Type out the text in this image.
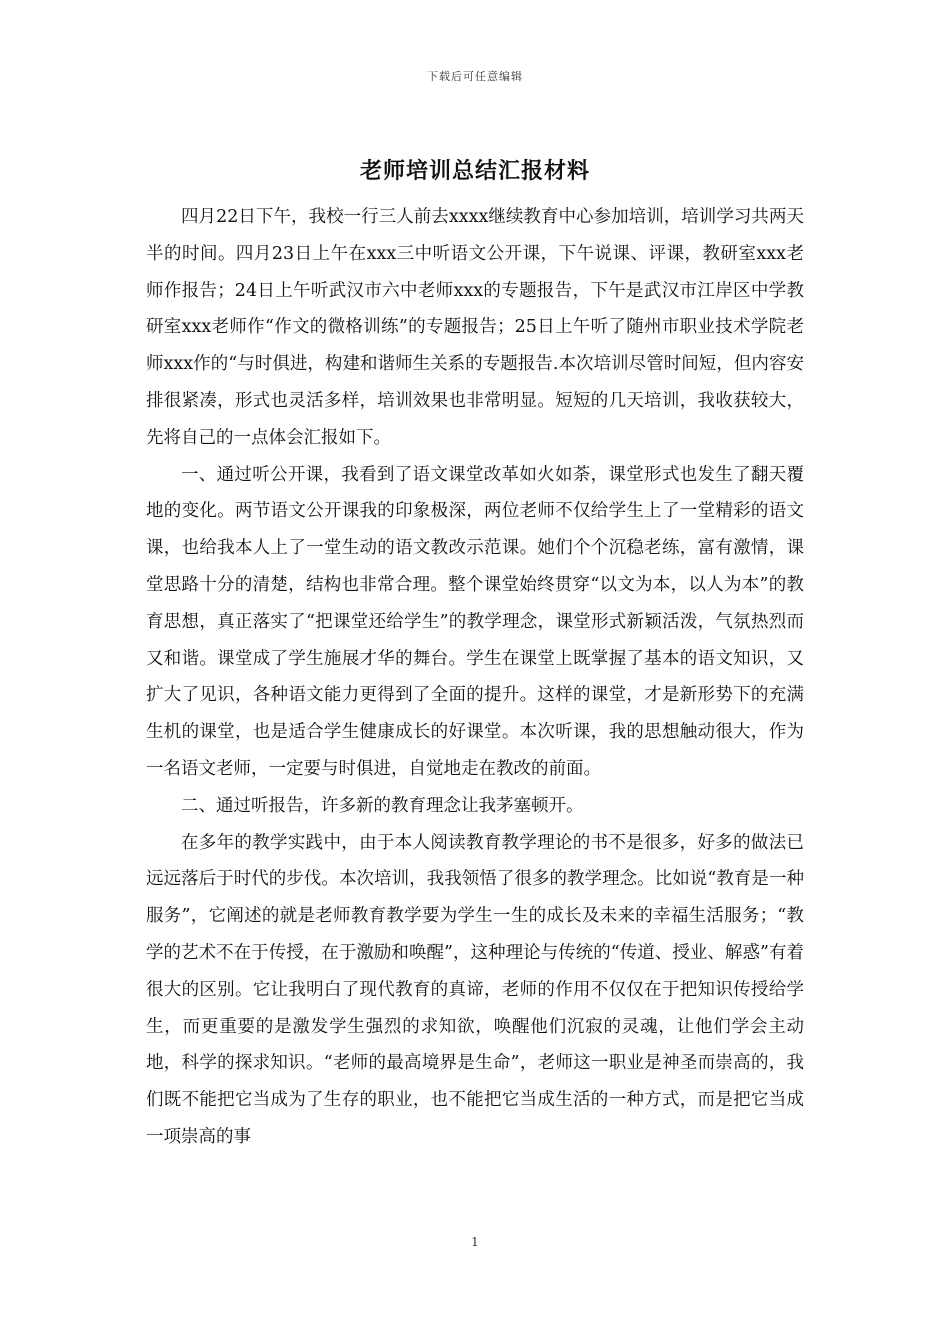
下载后可任意编辑
老师培训总结汇报材料

四月22日下午，我校一行三人前去xxxx继续教育中心参加培训，培训学习共两天半的时间。四月23日上午在xxx三中听语文公开课，下午说课、评课，教研室xxx老师作报告；24日上午听武汉市六中老师xxx的专题报告，下午是武汉市江岸区中学教研室xxx老师作“作文的微格训练”的专题报告；25日上午听了随州市职业技术学院老师xxx作的“与时俱进，构建和谐师生关系的专题报告.本次培训尽管时间短，但内容安排很紧凑，形式也灵活多样，培训效果也非常明显。短短的几天培训，我收获较大，先将自己的一点体会汇报如下。

一、通过听公开课，我看到了语文课堂改革如火如荼，课堂形式也发生了翻天覆地的变化。两节语文公开课我的印象极深，两位老师不仅给学生上了一堂精彩的语文课，也给我本人上了一堂生动的语文教改示范课。她们个个沉稳老练，富有激情，课堂思路十分的清楚，结构也非常合理。整个课堂始终贯穿“以文为本，以人为本”的教育思想，真正落实了“把课堂还给学生”的教学理念，课堂形式新颖活泼，气氛热烈而又和谐。课堂成了学生施展才华的舞台。学生在课堂上既掌握了基本的语文知识，又扩大了见识，各种语文能力更得到了全面的提升。这样的课堂，才是新形势下的充满生机的课堂，也是适合学生健康成长的好课堂。本次听课，我的思想触动很大，作为一名语文老师，一定要与时俱进，自觉地走在教改的前面。

二、通过听报告，许多新的教育理念让我茅塞顿开。

在多年的教学实践中，由于本人阅读教育教学理论的书不是很多，好多的做法已远远落后于时代的步伐。本次培训，我我领悟了很多的教学理念。比如说“教育是一种服务”，它阐述的就是老师教育教学要为学生一生的成长及未来的幸福生活服务；“教学的艺术不在于传授，在于激励和唤醒”，这种理论与传统的“传道、授业、解惑”有着很大的区别。它让我明白了现代教育的真谛，老师的作用不仅仅在于把知识传授给学生，而更重要的是激发学生强烈的求知欲，唤醒他们沉寂的灵魂，让他们学会主动地，科学的探求知识。“老师的最高境界是生命”，老师这一职业是神圣而崇高的，我们既不能把它当成为了生存的职业，也不能把它当成生活的一种方式，而是把它当成一项崇高的事

1
